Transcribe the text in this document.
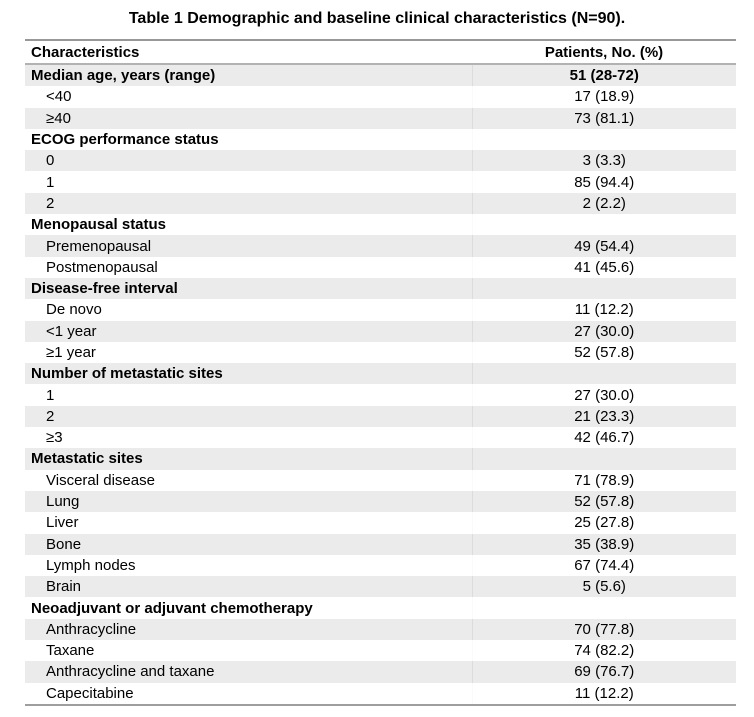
Table 1 Demographic and baseline clinical characteristics (N=90).
Characteristics	Patients, No. (%)
Median age, years (range)	51 (28-72)
<40	17 (18.9)
≥40	73 (81.1)
ECOG performance status	
0	3 (3.3)
1	85 (94.4)
2	2 (2.2)
Menopausal status	
Premenopausal	49 (54.4)
Postmenopausal	41 (45.6)
Disease-free interval	
De novo	11 (12.2)
<1 year	27 (30.0)
≥1 year	52 (57.8)
Number of metastatic sites	
1	27 (30.0)
2	21 (23.3)
≥3	42 (46.7)
Metastatic sites	
Visceral disease	71 (78.9)
Lung	52 (57.8)
Liver	25 (27.8)
Bone	35 (38.9)
Lymph nodes	67 (74.4)
Brain	5 (5.6)
Neoadjuvant or adjuvant chemotherapy	
Anthracycline	70 (77.8)
Taxane	74 (82.2)
Anthracycline and taxane	69 (76.7)
Capecitabine	11 (12.2)
